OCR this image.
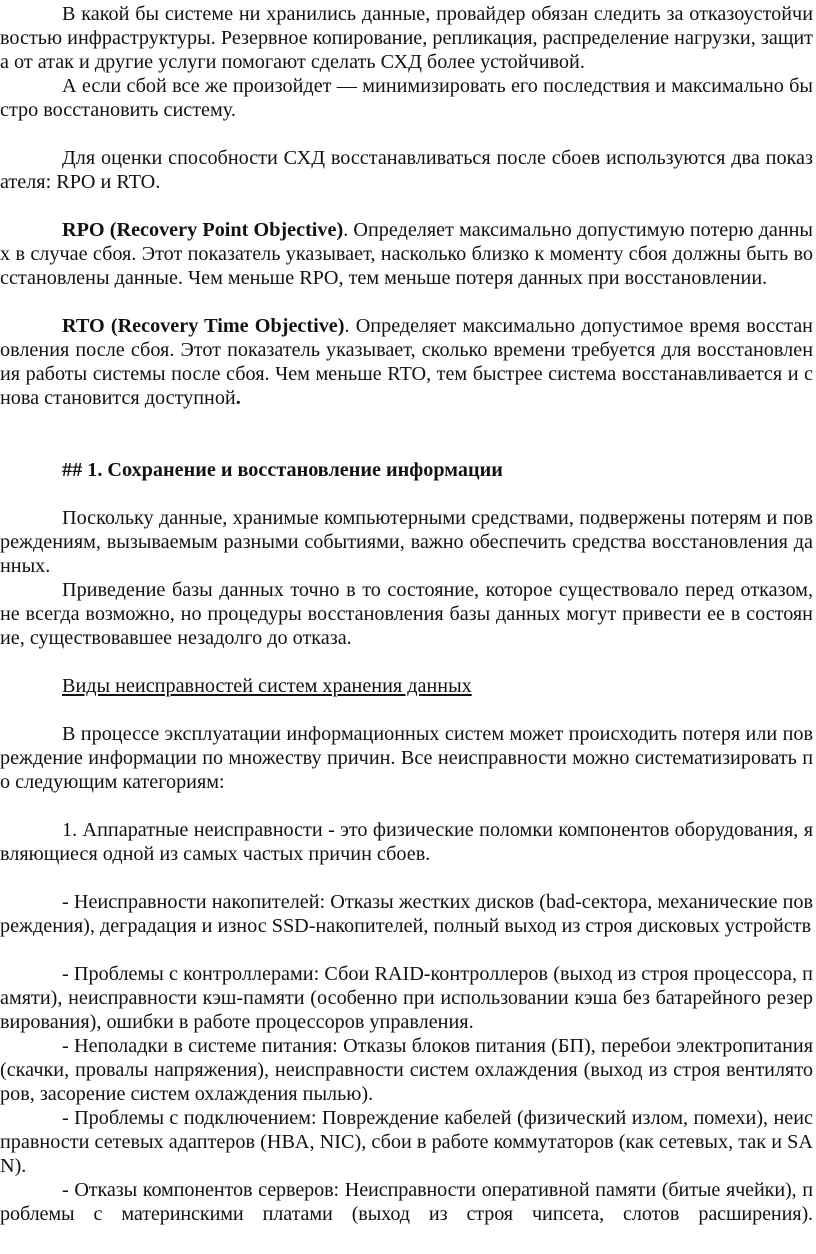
В какой бы системе ни хранились данные, провайдер обязан следить за отказоустойчивостью инфраструктуры. Резервное копирование, репликация, распределение нагрузки, защита от атак и другие услуги помогают сделать СХД более устойчивой.

А если сбой все же произойдет — минимизировать его последствия и максимально быстро восстановить систему.

Для оценки способности СХД восстанавливаться после сбоев используются два показателя: RPO и RTO.

RPO (Recovery Point Objective). Определяет максимально допустимую потерю данных в случае сбоя. Этот показатель указывает, насколько близко к моменту сбоя должны быть восстановлены данные. Чем меньше RPO, тем меньше потеря данных при восстановлении.

RTO (Recovery Time Objective). Определяет максимально допустимое время восстановления после сбоя. Этот показатель указывает, сколько времени требуется для восстановления работы системы после сбоя. Чем меньше RTO, тем быстрее система восстанавливается и снова становится доступной.

## 1. Сохранение и восстановление информации

Поскольку данные, хранимые компьютерными средствами, подвержены потерям и повреждениям, вызываемым разными событиями, важно обеспечить средства восстановления данных.

Приведение базы данных точно в то состояние, которое существовало перед отказом, не всегда возможно, но процедуры восстановления базы данных могут привести ее в состояние, существовавшее незадолго до отказа.

Виды неисправностей систем хранения данных

В процессе эксплуатации информационных систем может происходить потеря или повреждение информации по множеству причин. Все неисправности можно систематизировать по следующим категориям:

1. Аппаратные неисправности - это физические поломки компонентов оборудования, являющиеся одной из самых частых причин сбоев.

- Неисправности накопителей: Отказы жестких дисков (bad-сектора, механические повреждения), деградация и износ SSD-накопителей, полный выход из строя дисковых устройств

- Проблемы с контроллерами: Сбои RAID-контроллеров (выход из строя процессора, памяти), неисправности кэш-памяти (особенно при использовании кэша без батарейного резервирования), ошибки в работе процессоров управления.

- Неполадки в системе питания: Отказы блоков питания (БП), перебои электропитания (скачки, провалы напряжения), неисправности систем охлаждения (выход из строя вентиляторов, засорение систем охлаждения пылью).

- Проблемы с подключением: Повреждение кабелей (физический излом, помехи), неисправности сетевых адаптеров (HBA, NIC), сбои в работе коммутаторов (как сетевых, так и SAN).

- Отказы компонентов серверов: Неисправности оперативной памяти (битые ячейки), проблемы с материнскими платами (выход из строя чипсета, слотов расширения).
